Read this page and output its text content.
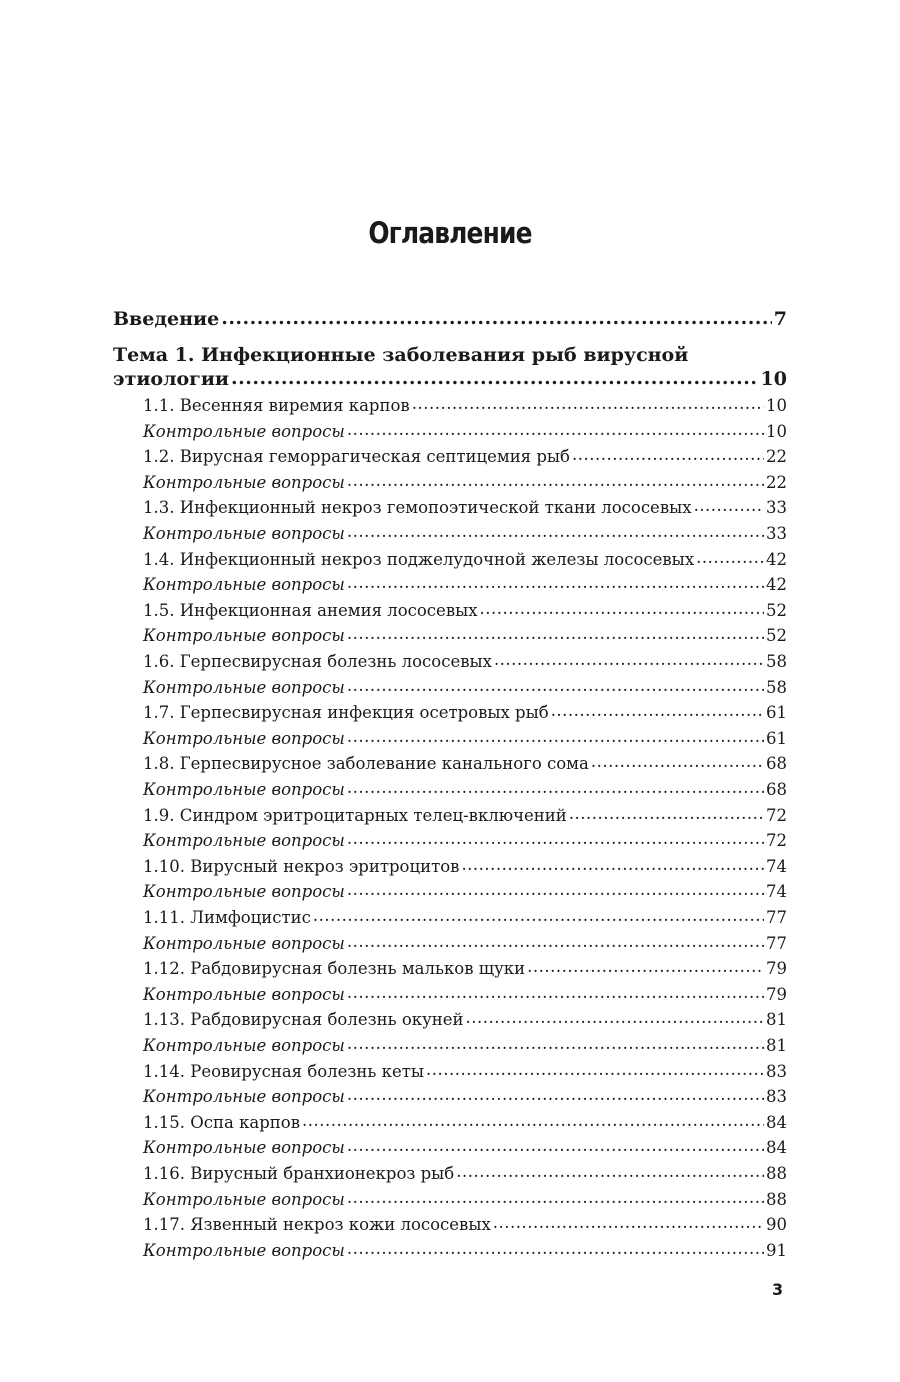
Оглавление
Введение .....	7
Тема 1. Инфекционные заболевания рыб вирусной
этиологии .....	10
1.1. Весенняя виремия карпов .....	10
Контрольные вопросы .....	10
1.2. Вирусная геморрагическая септицемия рыб .....	22
Контрольные вопросы .....	22
1.3. Инфекционный некроз гемопоэтической ткани лососевых .....	33
Контрольные вопросы .....	33
1.4. Инфекционный некроз поджелудочной железы лососевых .....	42
Контрольные вопросы .....	42
1.5. Инфекционная анемия лососевых .....	52
Контрольные вопросы .....	52
1.6. Герпесвирусная болезнь лососевых .....	58
Контрольные вопросы .....	58
1.7. Герпесвирусная инфекция осетровых рыб .....	61
Контрольные вопросы .....	61
1.8. Герпесвирусное заболевание канального сома .....	68
Контрольные вопросы .....	68
1.9. Синдром эритроцитарных телец-включений .....	72
Контрольные вопросы .....	72
1.10. Вирусный некроз эритроцитов .....	74
Контрольные вопросы .....	74
1.11. Лимфоцистис .....	77
Контрольные вопросы .....	77
1.12. Рабдовирусная болезнь мальков щуки .....	79
Контрольные вопросы .....	79
1.13. Рабдовирусная болезнь окуней .....	81
Контрольные вопросы .....	81
1.14. Реовирусная болезнь кеты .....	83
Контрольные вопросы .....	83
1.15. Оспа карпов .....	84
Контрольные вопросы .....	84
1.16. Вирусный бранхионекроз рыб .....	88
Контрольные вопросы .....	88
1.17. Язвенный некроз кожи лососевых .....	90
Контрольные вопросы .....	91
3
